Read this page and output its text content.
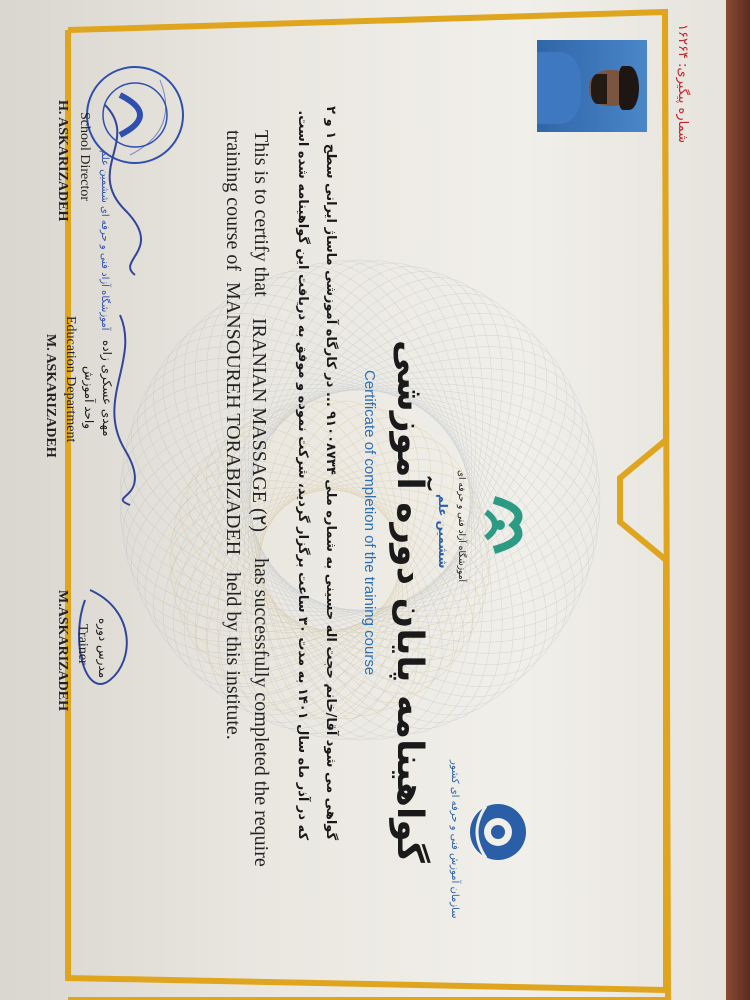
شماره پیگیری: ۱۶۲۶۴
آموزشگاه آزاد فنی و حرفه ای
ششمین علم
گواهینامه پایان دوره آموزشی
Certificate of completion of the training course
گواهی می شود آقا/خانم حجت اله حسینی به شماره ملی ۹۱۰۰۸۷۳۴ ... در کارگاه آموزشی ماساژ ایرانی سطح ۱ و ۲
که در آذر ماه سال ۱۴۰۱ به مدت ۳۰ ساعت برگزار گردید، شرکت نموده و موفق به دریافت این گواهینامه شده است.
This is to certify that
IRANIAN MASSAGE (٢)
has successfully completed the require
training course of
MANSOUREH TORABIZADEH
held by this institute.
آموزشگاه آزاد فنی و حرفه ای ششمین علم
School Director
H. ASKARIZADEH
مهدی عسکری زاده
واحد آموزش
Education Department
M. ASKARIZADEH
مدرس دوره
Trainer
M.ASKARIZADEH
سازمان آموزش فنی و حرفه ای کشور
